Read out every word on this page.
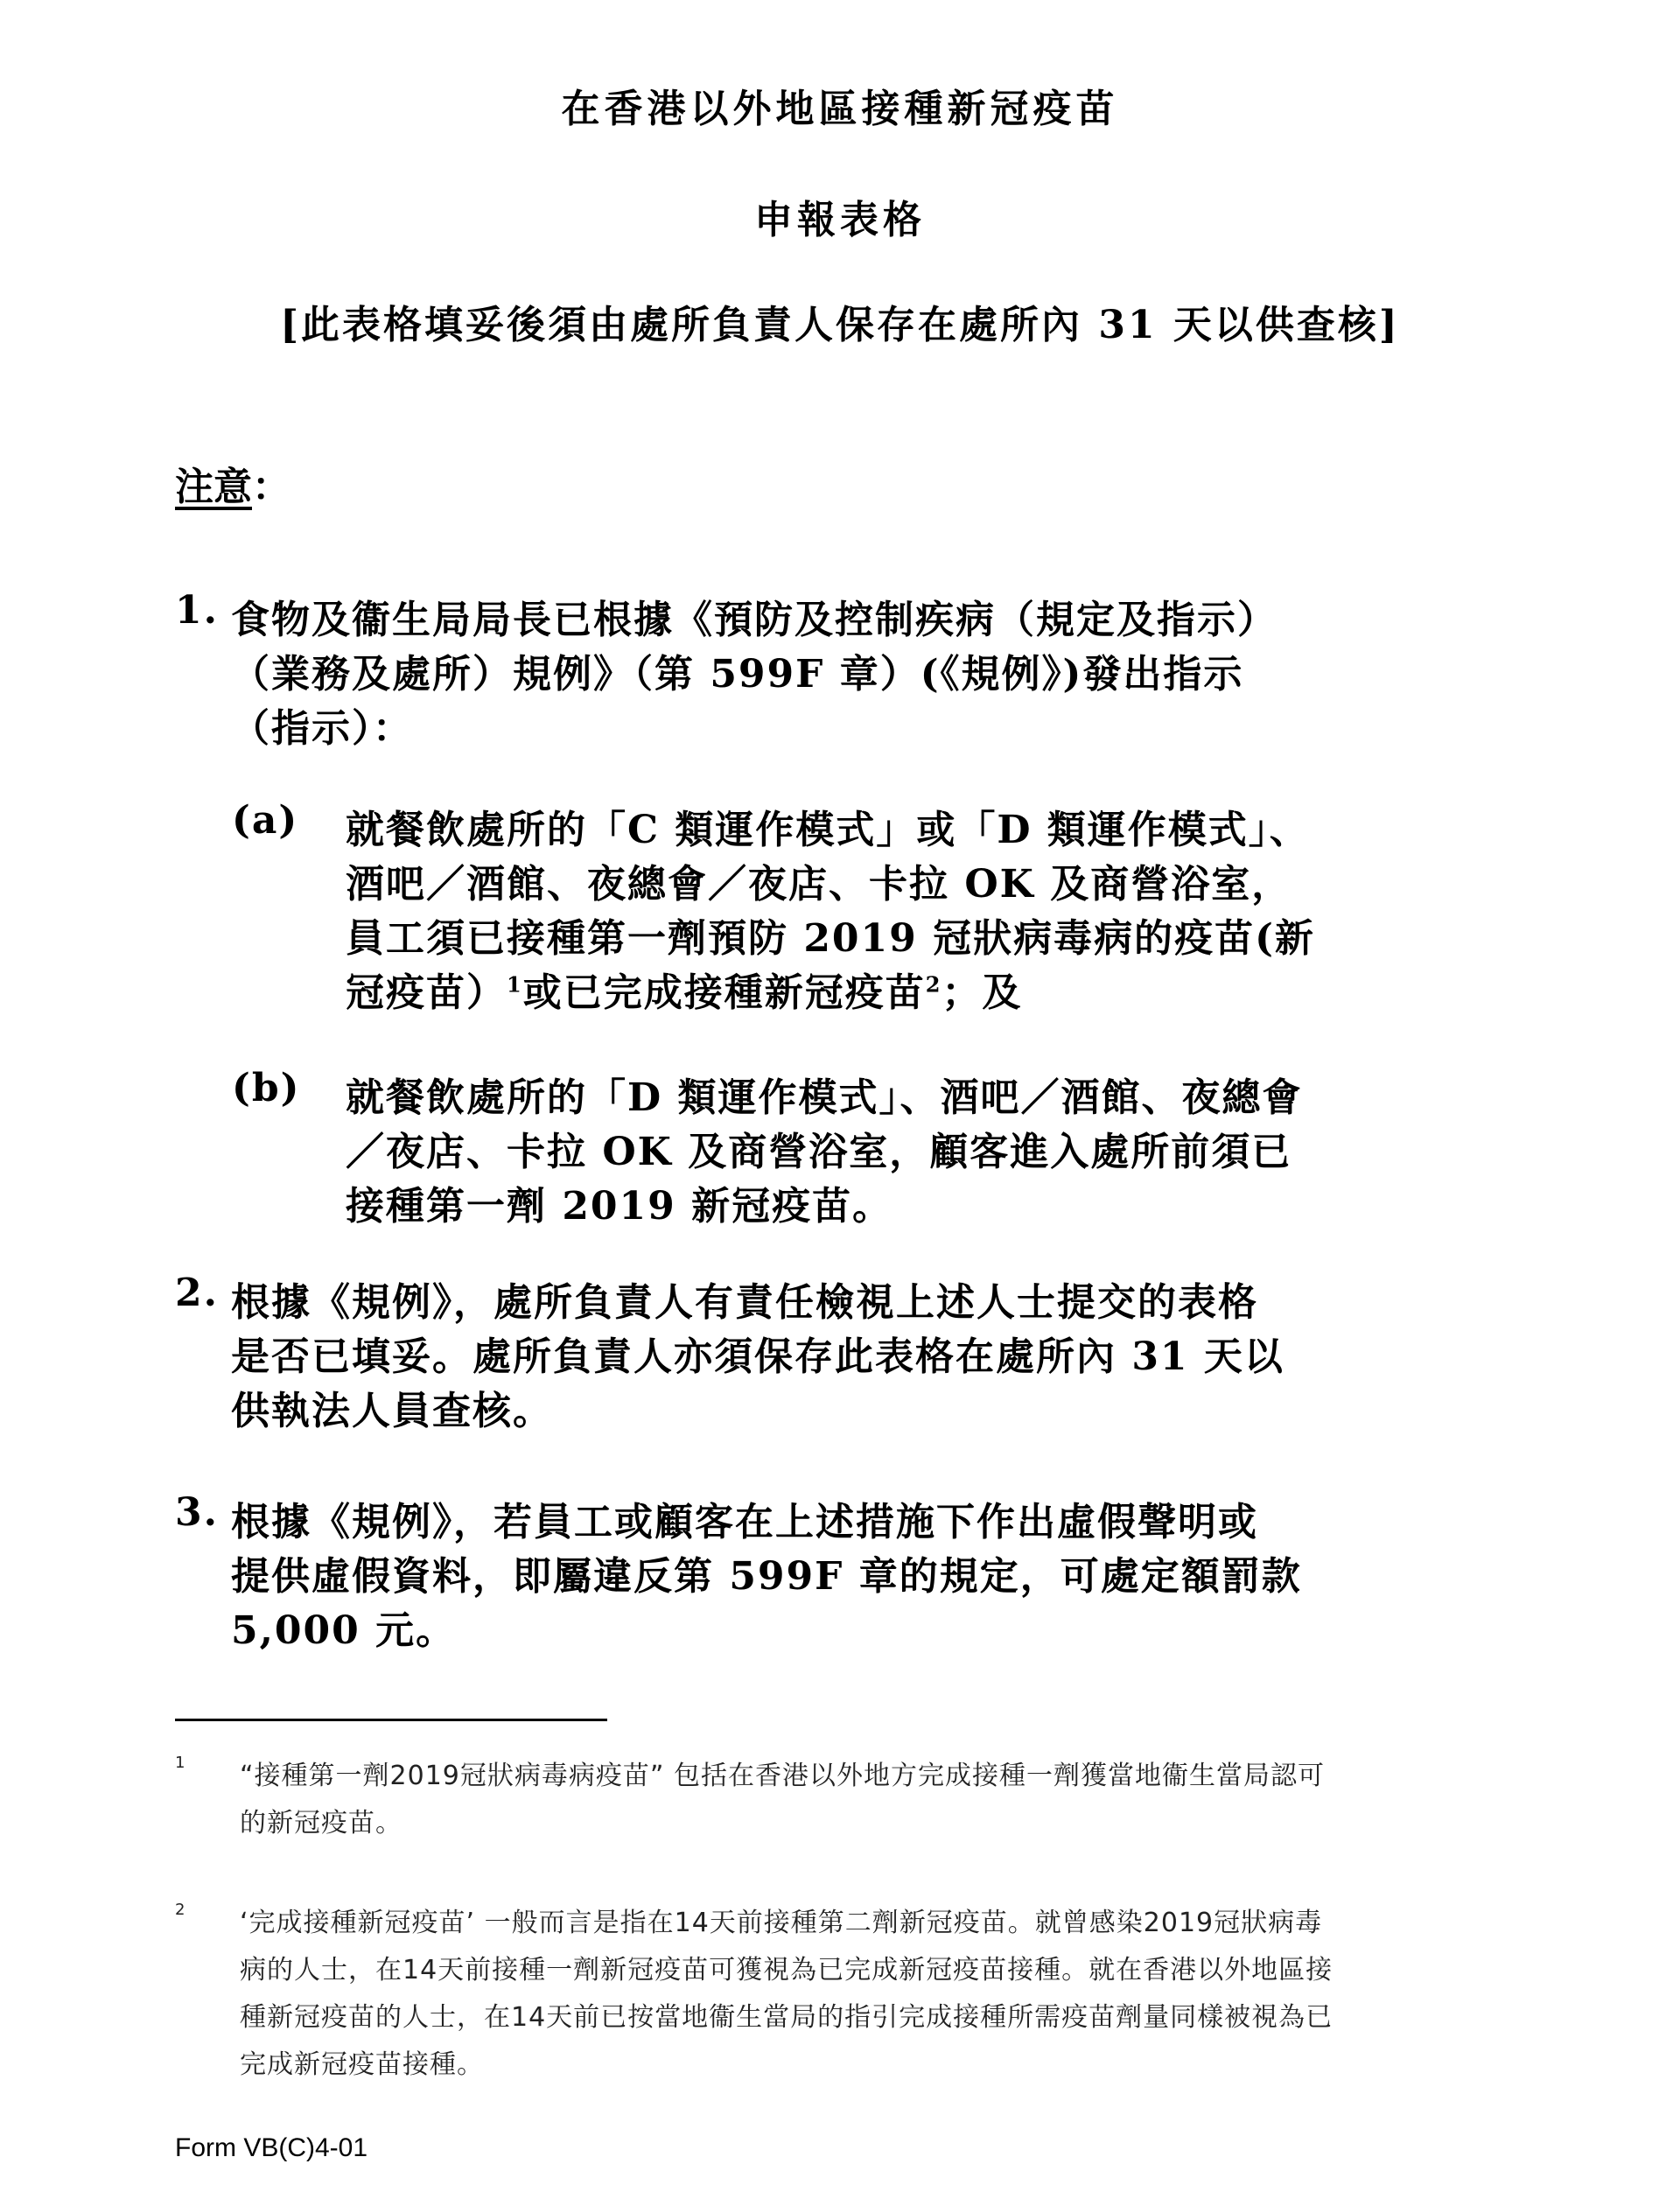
在香港以外地區接種新冠疫苗
申報表格
[此表格填妥後須由處所負責人保存在處所內 31 天以供查核]
注意：
1. 食物及衞生局局長已根據《預防及控制疾病（規定及指示）
（業務及處所）規例》（第 599F 章）(《規例》)發出指示
（指示）：
(a) 就餐飲處所的「C 類運作模式」或「D 類運作模式」、
酒吧／酒館、夜總會／夜店、卡拉 OK 及商營浴室，
員工須已接種第一劑預防 2019 冠狀病毒病的疫苗(新
冠疫苗）$^1$或已完成接種新冠疫苗$^2$；及
(b) 就餐飲處所的「D 類運作模式」、酒吧／酒館、夜總會
／夜店、卡拉 OK 及商營浴室，顧客進入處所前須已
接種第一劑 2019 新冠疫苗。
2. 根據《規例》，處所負責人有責任檢視上述人士提交的表格
是否已填妥。處所負責人亦須保存此表格在處所內 31 天以
供執法人員查核。
3. 根據《規例》，若員工或顧客在上述措施下作出虛假聲明或
提供虛假資料，即屬違反第 599F 章的規定，可處定額罰款
5,000 元。
1 “接種第一劑2019冠狀病毒病疫苗” 包括在香港以外地方完成接種一劑獲當地衞生當局認可
的新冠疫苗。
2 ‘完成接種新冠疫苗’ 一般而言是指在14天前接種第二劑新冠疫苗。就曾感染2019冠狀病毒
病的人士，在14天前接種一劑新冠疫苗可獲視為已完成新冠疫苗接種。就在香港以外地區接
種新冠疫苗的人士，在14天前已按當地衞生當局的指引完成接種所需疫苗劑量同樣被視為已
完成新冠疫苗接種。
Form VB(C)4-01
